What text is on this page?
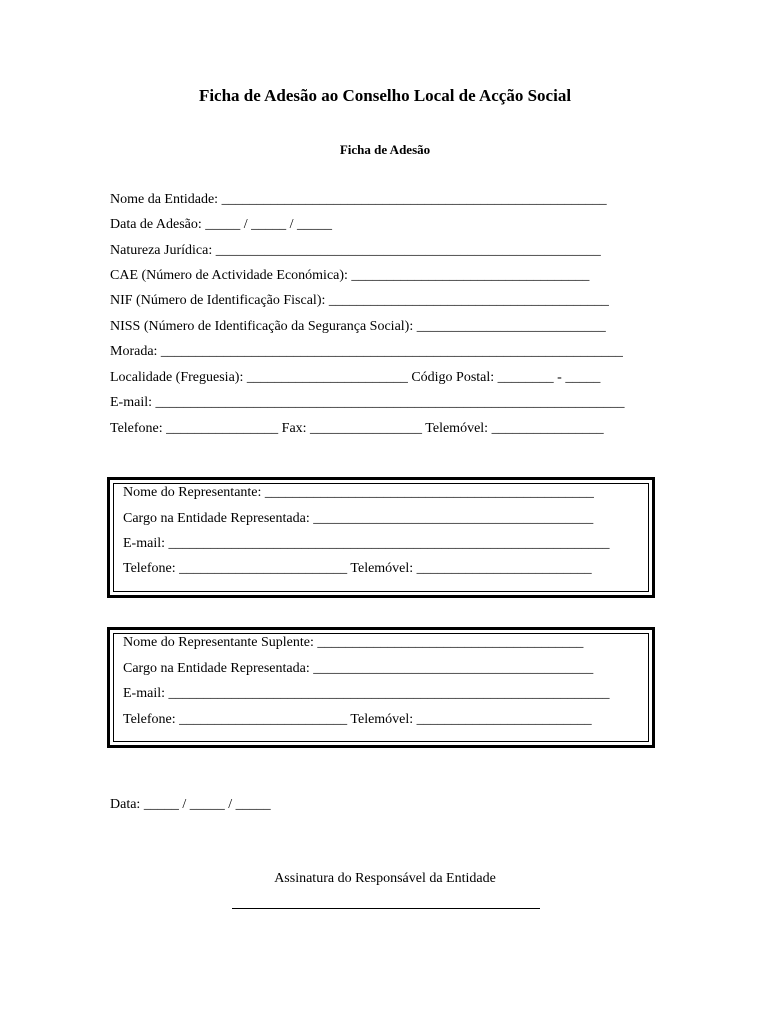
Ficha de Adesão ao Conselho Local de Acção Social
Ficha de Adesão
Nome da Entidade: _______________________________________________________
Data de Adesão: _____ / _____ / _____
Natureza Jurídica: _______________________________________________________
CAE (Número de Actividade Económica): __________________________________
NIF (Número de Identificação Fiscal): ________________________________________
NISS (Número de Identificação da Segurança Social): ___________________________
Morada: __________________________________________________________________
Localidade (Freguesia): _______________________ Código Postal: ________ - _____
E-mail: ___________________________________________________________________
Telefone: ________________ Fax: ________________ Telemóvel: ________________
Nome do Representante: _______________________________________________
Cargo na Entidade Representada: ________________________________________
E-mail: _______________________________________________________________
Telefone: ________________________ Telemóvel: _________________________
Nome do Representante Suplente: ______________________________________
Cargo na Entidade Representada: ________________________________________
E-mail: _______________________________________________________________
Telefone: ________________________ Telemóvel: _________________________
Data: _____ / _____ / _____
Assinatura do Responsável da Entidade
